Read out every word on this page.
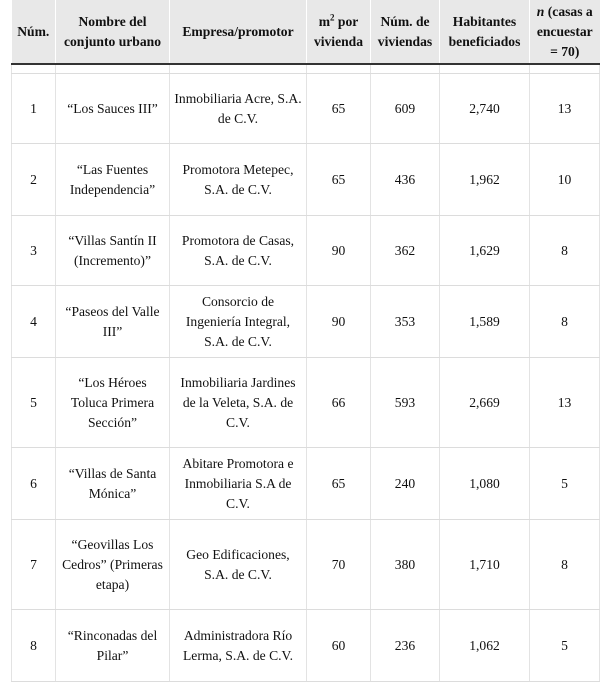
Núm.	Nombre del conjunto urbano	Empresa/promotor	$m^2$ por vivienda	Núm. de viviendas	Habitantes beneficiados	n (casas a encuestar = 70)

1	“Los Sauces III”	Inmobiliaria Acre, S.A. de C.V.	65	609	2,740	13
2	“Las Fuentes Independencia”	Promotora Metepec, S.A. de C.V.	65	436	1,962	10
3	“Villas Santín II (Incremento)”	Promotora de Casas, S.A. de C.V.	90	362	1,629	8
4	“Paseos del Valle III”	Consorcio de Ingeniería Integral, S.A. de C.V.	90	353	1,589	8
5	“Los Héroes Toluca Primera Sección”	Inmobiliaria Jardines de la Veleta, S.A. de C.V.	66	593	2,669	13
6	“Villas de Santa Mónica”	Abitare Promotora e Inmobiliaria S.A de C.V.	65	240	1,080	5
7	“Geovillas Los Cedros” (Primeras etapa)	Geo Edificaciones, S.A. de C.V.	70	380	1,710	8
8	“Rinconadas del Pilar”	Administradora Río Lerma, S.A. de C.V.	60	236	1,062	5
